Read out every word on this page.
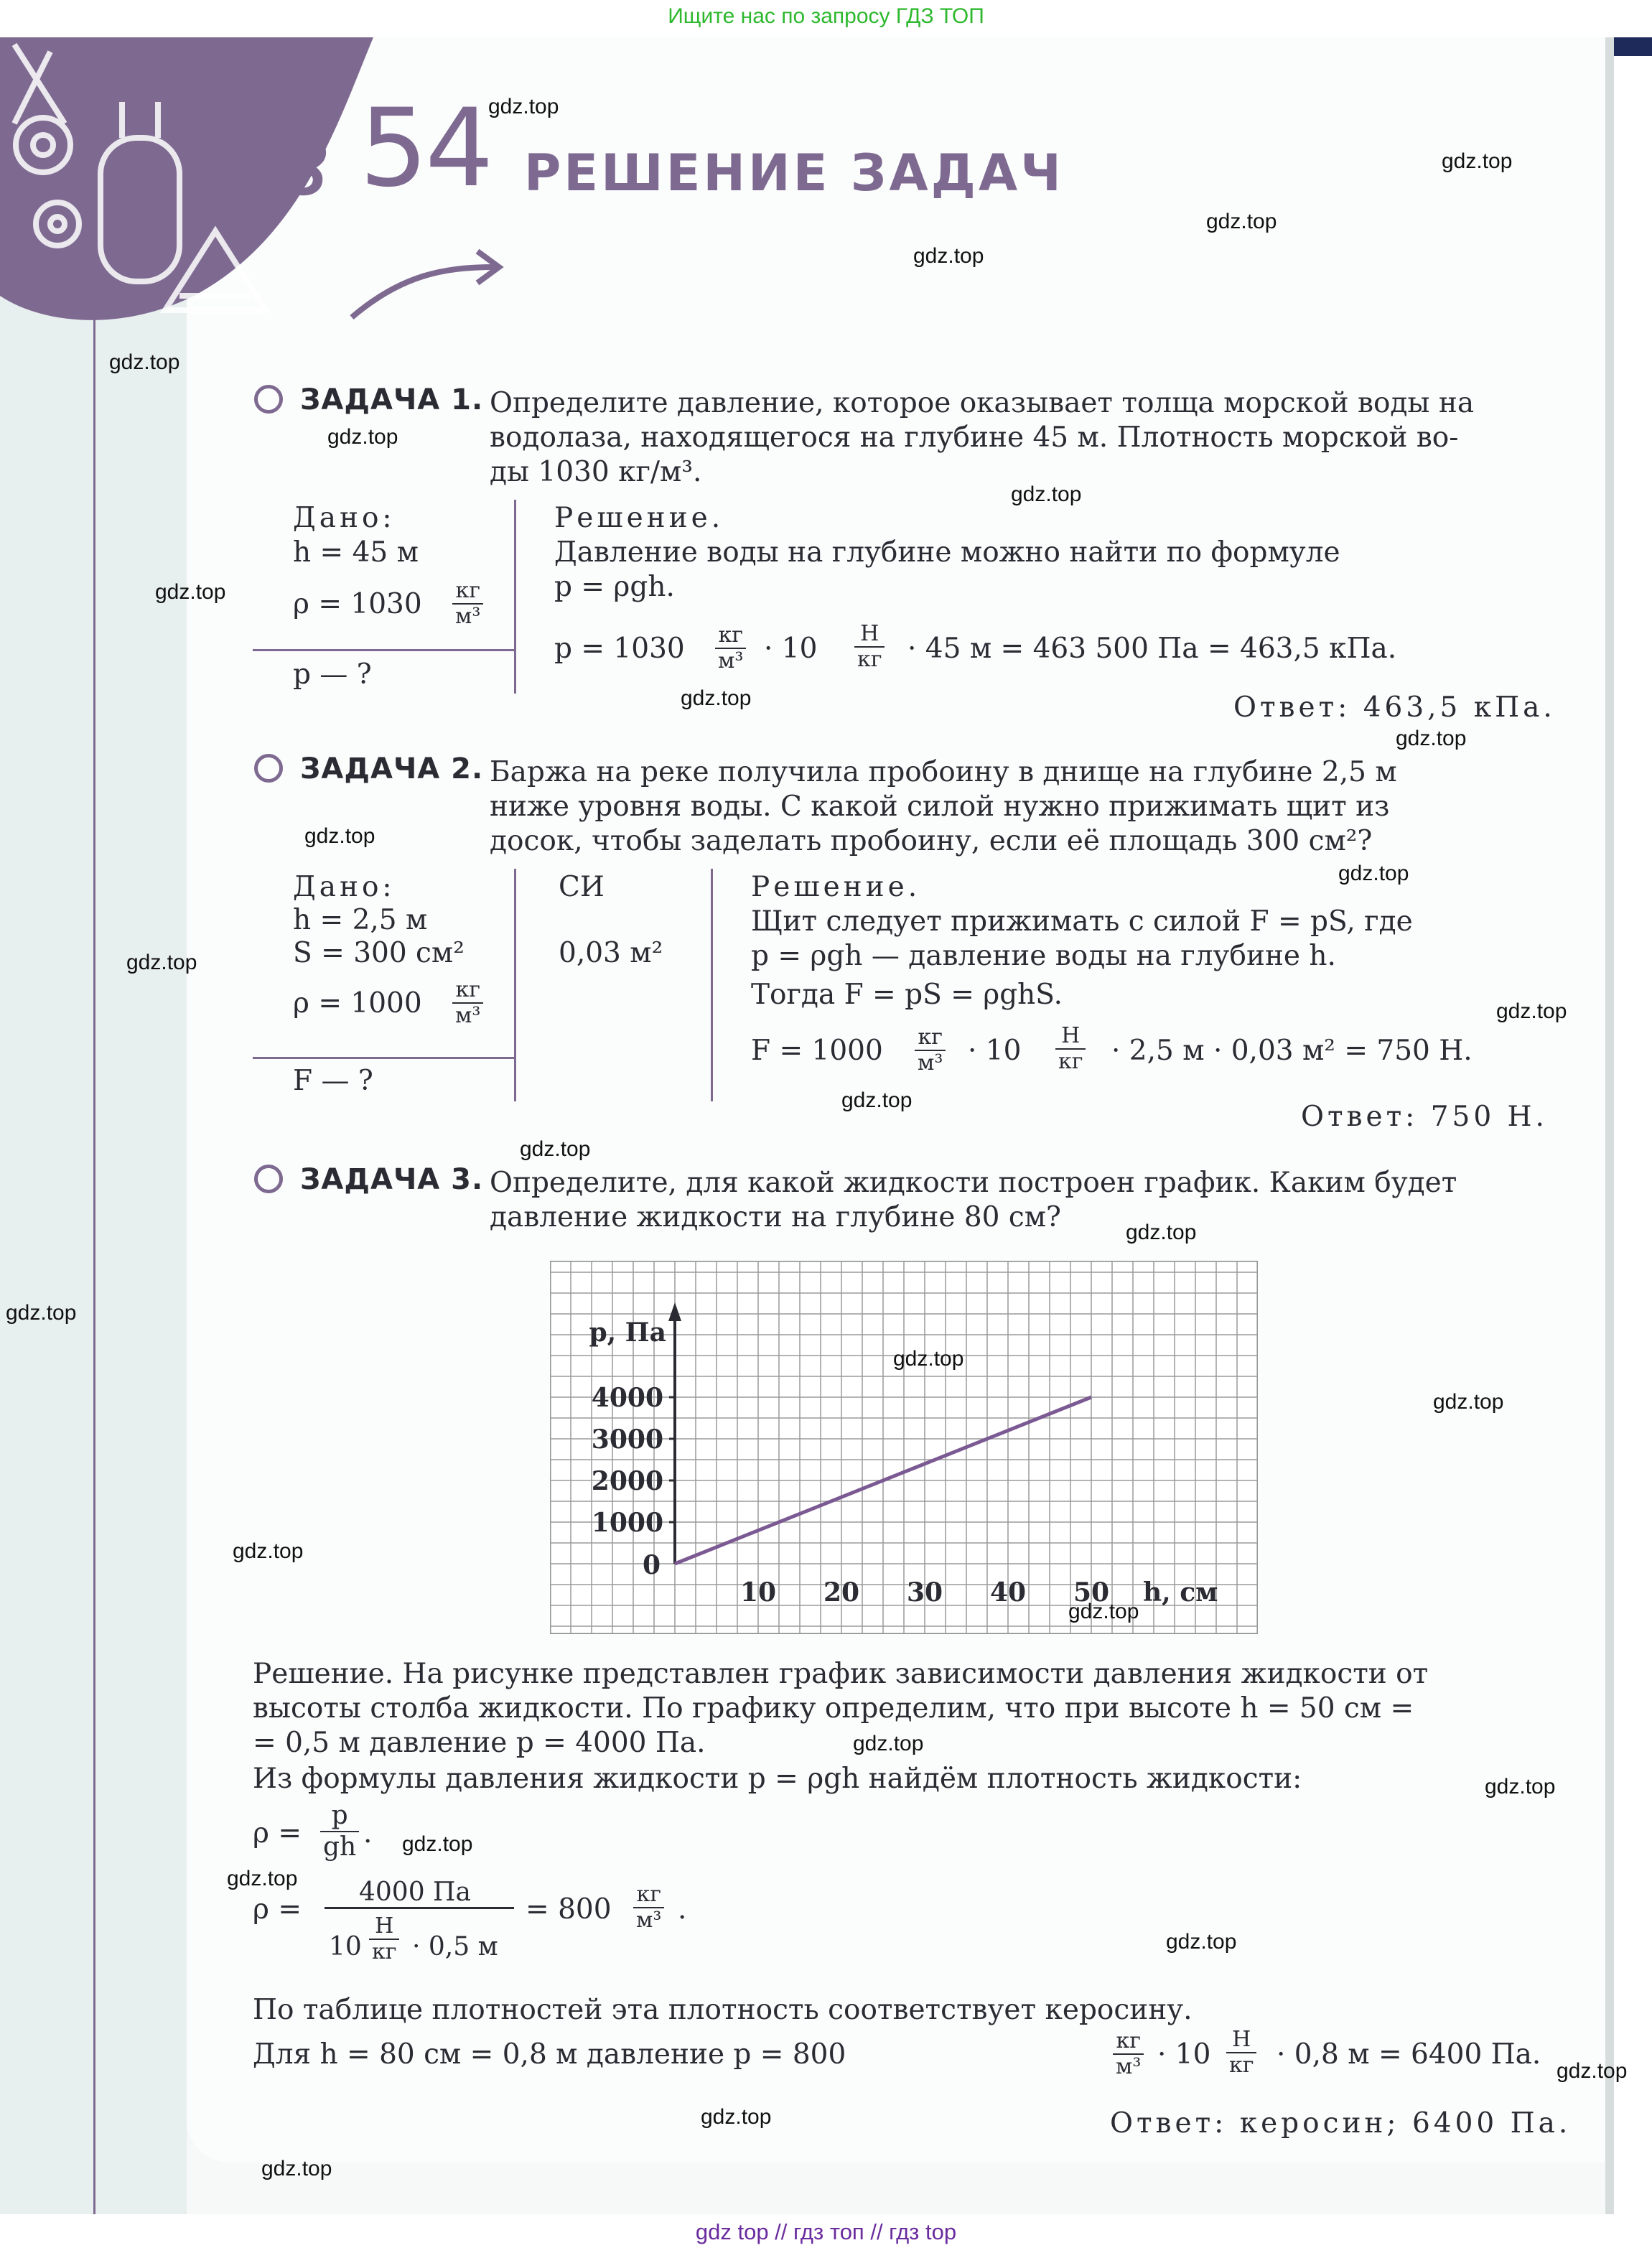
Ищите нас по запросу ГДЗ ТОП
gdz top // гдз топ // гдз top
§ 54 РЕШЕНИЕ ЗАДАЧ
ЗАДАЧА 1. Определите давление, которое оказывает толща морской воды на
водолаза, находящегося на глубине 45 м. Плотность морской во-
ды 1030 кг/м³.
Дано:
h = 45 м
ρ = 1030 кг
м³
p — ?
Решение.
Давление воды на глубине можно найти по формуле
p = ρgh.
p = 1030 кг
м³ · 10 Н
кг · 45 м = 463 500 Па = 463,5 кПа.
Ответ: 463,5 кПа.
ЗАДАЧА 2. Баржа на реке получила пробоину в днище на глубине 2,5 м
ниже уровня воды. С какой силой нужно прижимать щит из
досок, чтобы заделать пробоину, если её площадь 300 см²?
Дано:
h = 2,5 м
S = 300 см²
ρ = 1000 кг
м³
F — ?
СИ
0,03 м²
Решение.
Щит следует прижимать с силой F = pS, где
p = ρgh — давление воды на глубине h.
Тогда F = pS = ρghS.
F = 1000 кг
м³ · 10 Н
кг · 2,5 м · 0,03 м² = 750 Н.
Ответ: 750 Н.
ЗАДАЧА 3. Определите, для какой жидкости построен график. Каким будет
давление жидкости на глубине 80 см?
1000
2000
3000
4000
10 20 30 40 50
0
p, Па
h, см
Решение. На рисунке представлен график зависимости давления жидкости от
высоты столба жидкости. По графику определим, что при высоте h = 50 см =
= 0,5 м давление p = 4000 Па.
Из формулы давления жидкости p = ρgh найдём плотность жидкости:
$\rho = \frac{p}{gh}$ .
ρ =
4000 Па
10
Н
кг · 0,5 м
= 800 кг
м³ .
По таблице плотностей эта плотность соответствует керосину.
Для h = 80 см = 0,8 м давление p = 800	кг
м³ · 10 Н
кг · 0,8 м = 6400 Па.
Ответ: керосин; 6400 Па.
gdz.top
gdz.top
gdz.top
gdz.top
gdz.top
gdz.top
gdz.top
gdz.top
gdz.top
gdz.top
gdz.top
gdz.top
gdz.top
gdz.top
gdz.top
gdz.top
gdz.top
gdz.top
gdz.top
gdz.top
gdz.top
gdz.top
gdz.top
gdz.top
gdz.top
gdz.top
gdz.top
gdz.top
gdz.top
gdz.top
